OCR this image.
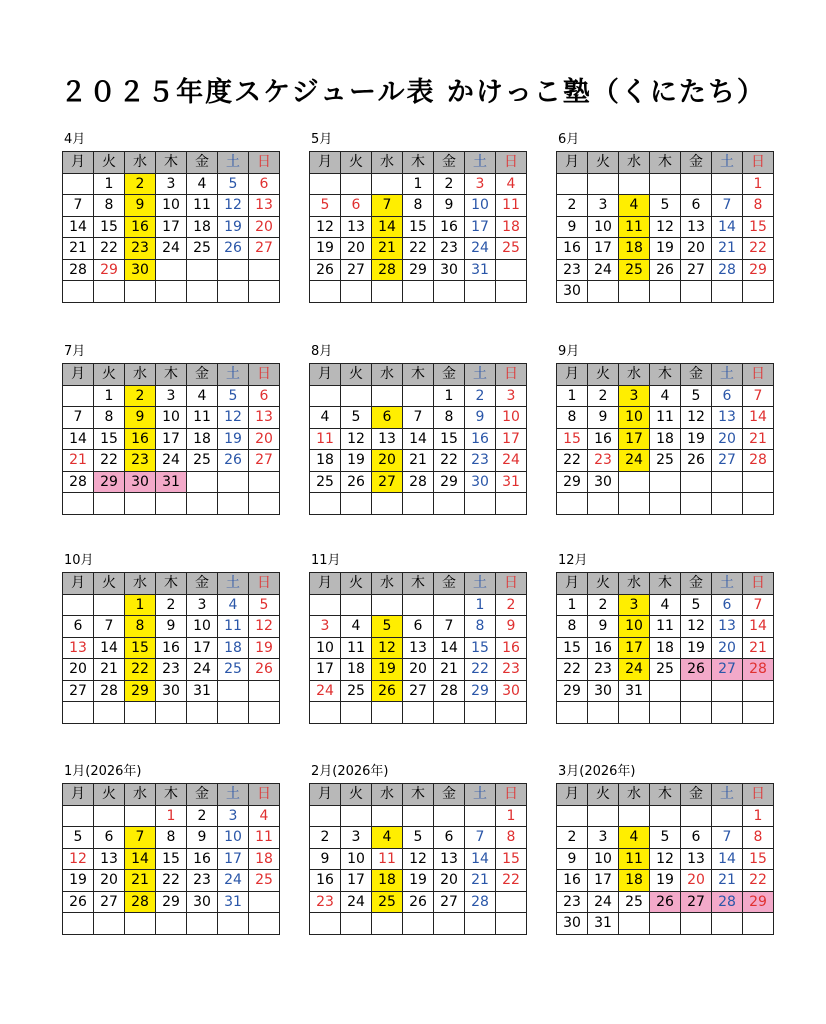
２０２５年度スケジュール表 かけっこ塾（くにたち）
4月
月	火	水	木	金	土	日
	1	2	3	4	5	6
7	8	9	10	11	12	13
14	15	16	17	18	19	20
21	22	23	24	25	26	27
28	29	30				

5月
月	火	水	木	金	土	日
			1	2	3	4
5	6	7	8	9	10	11
12	13	14	15	16	17	18
19	20	21	22	23	24	25
26	27	28	29	30	31	

6月
月	火	水	木	金	土	日
						1
2	3	4	5	6	7	8
9	10	11	12	13	14	15
16	17	18	19	20	21	22
23	24	25	26	27	28	29
30						
7月
月	火	水	木	金	土	日
	1	2	3	4	5	6
7	8	9	10	11	12	13
14	15	16	17	18	19	20
21	22	23	24	25	26	27
28	29	30	31			

8月
月	火	水	木	金	土	日
				1	2	3
4	5	6	7	8	9	10
11	12	13	14	15	16	17
18	19	20	21	22	23	24
25	26	27	28	29	30	31

9月
月	火	水	木	金	土	日
1	2	3	4	5	6	7
8	9	10	11	12	13	14
15	16	17	18	19	20	21
22	23	24	25	26	27	28
29	30					

10月
月	火	水	木	金	土	日
		1	2	3	4	5
6	7	8	9	10	11	12
13	14	15	16	17	18	19
20	21	22	23	24	25	26
27	28	29	30	31		

11月
月	火	水	木	金	土	日
					1	2
3	4	5	6	7	8	9
10	11	12	13	14	15	16
17	18	19	20	21	22	23
24	25	26	27	28	29	30

12月
月	火	水	木	金	土	日
1	2	3	4	5	6	7
8	9	10	11	12	13	14
15	16	17	18	19	20	21
22	23	24	25	26	27	28
29	30	31				

1月(2026年)
月	火	水	木	金	土	日
			1	2	3	4
5	6	7	8	9	10	11
12	13	14	15	16	17	18
19	20	21	22	23	24	25
26	27	28	29	30	31	

2月(2026年)
月	火	水	木	金	土	日
						1
2	3	4	5	6	7	8
9	10	11	12	13	14	15
16	17	18	19	20	21	22
23	24	25	26	27	28	

3月(2026年)
月	火	水	木	金	土	日
						1
2	3	4	5	6	7	8
9	10	11	12	13	14	15
16	17	18	19	20	21	22
23	24	25	26	27	28	29
30	31					
